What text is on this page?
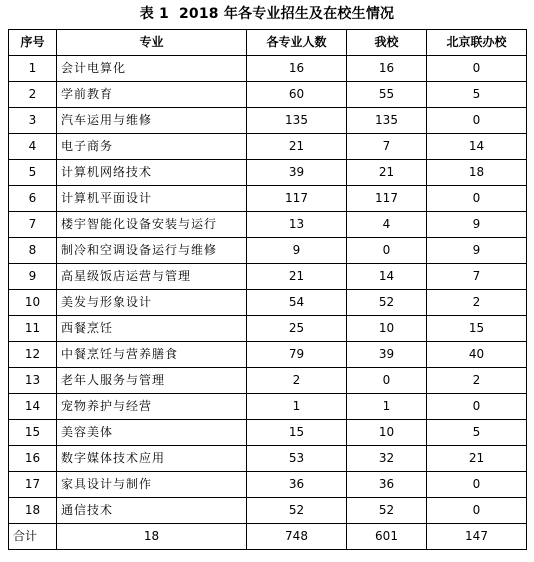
表 1 2018 年各专业招生及在校生情况
序号	专业	各专业人数	我校	北京联办校
1	会计电算化	16	16	0
2	学前教育	60	55	5
3	汽车运用与维修	135	135	0
4	电子商务	21	7	14
5	计算机网络技术	39	21	18
6	计算机平面设计	117	117	0
7	楼宇智能化设备安装与运行	13	4	9
8	制冷和空调设备运行与维修	9	0	9
9	高星级饭店运营与管理	21	14	7
10	美发与形象设计	54	52	2
11	西餐烹饪	25	10	15
12	中餐烹饪与营养膳食	79	39	40
13	老年人服务与管理	2	0	2
14	宠物养护与经营	1	1	0
15	美容美体	15	10	5
16	数字媒体技术应用	53	32	21
17	家具设计与制作	36	36	0
18	通信技术	52	52	0
合计	18	748	601	147
